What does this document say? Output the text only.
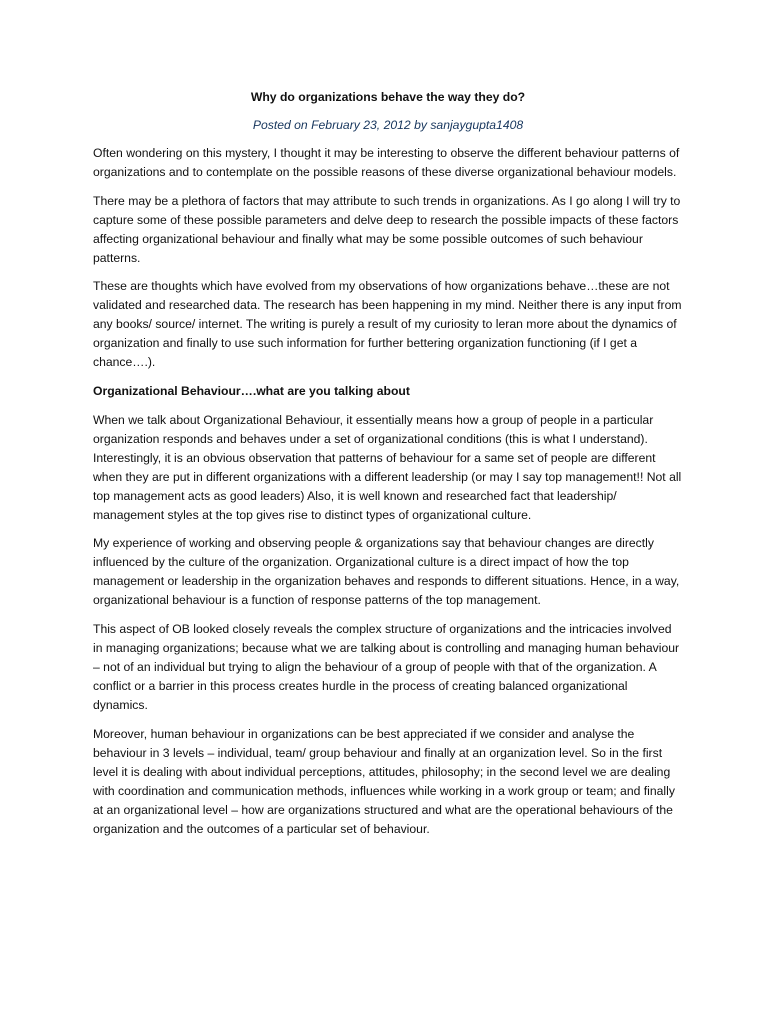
Why do organizations behave the way they do?

Posted on February 23, 2012 by sanjaygupta1408

Often wondering on this mystery, I thought it may be interesting to observe the different behaviour patterns of organizations and to contemplate on the possible reasons of these diverse organizational behaviour models.

There may be a plethora of factors that may attribute to such trends in organizations. As I go along I will try to capture some of these possible parameters and delve deep to research the possible impacts of these factors affecting organizational behaviour and finally what may be some possible outcomes of such behaviour patterns.

These are thoughts which have evolved from my observations of how organizations behave…these are not validated and researched data. The research has been happening in my mind. Neither there is any input from any books/ source/ internet. The writing is purely a result of my curiosity to leran more about the dynamics of organization and finally to use such information for further bettering organization functioning (if I get a chance….).

Organizational Behaviour….what are you talking about

When we talk about Organizational Behaviour, it essentially means how a group of people in a particular organization responds and behaves under a set of organizational conditions (this is what I understand). Interestingly, it is an obvious observation that patterns of behaviour for a same set of people are different when they are put in different organizations with a different leadership (or may I say top management!! Not all top management acts as good leaders) Also, it is well known and researched fact that leadership/ management styles at the top gives rise to distinct types of organizational culture.

My experience of working and observing people & organizations say that behaviour changes are directly influenced by the culture of the organization. Organizational culture is a direct impact of how the top management or leadership in the organization behaves and responds to different situations. Hence, in a way, organizational behaviour is a function of response patterns of the top management.

This aspect of OB looked closely reveals the complex structure of organizations and the intricacies involved in managing organizations; because what we are talking about is controlling and managing human behaviour – not of an individual but trying to align the behaviour of a group of people with that of the organization. A conflict or a barrier in this process creates hurdle in the process of creating balanced organizational dynamics.

Moreover, human behaviour in organizations can be best appreciated if we consider and analyse the behaviour in 3 levels – individual, team/ group behaviour and finally at an organization level. So in the first level it is dealing with about individual perceptions, attitudes, philosophy; in the second level we are dealing with coordination and communication methods, influences while working in a work group or team; and finally at an organizational level – how are organizations structured and what are the operational behaviours of the organization and the outcomes of a particular set of behaviour.
